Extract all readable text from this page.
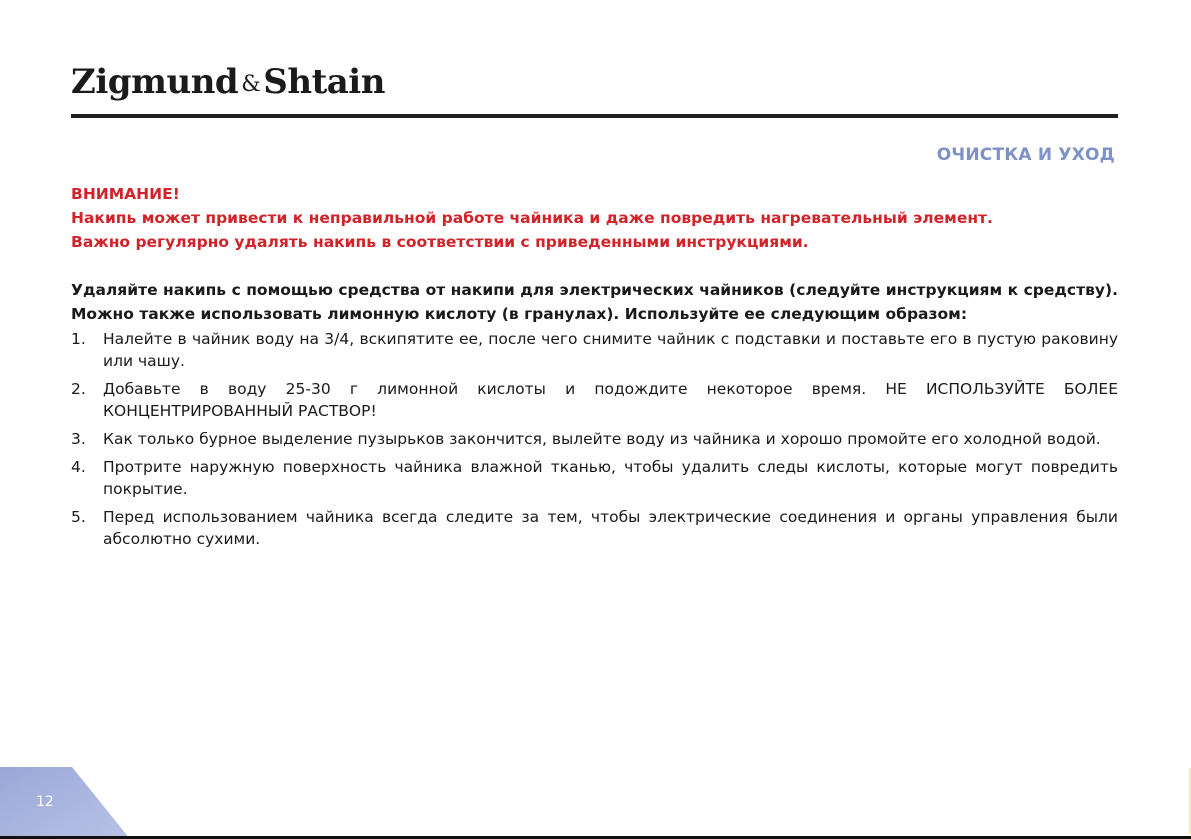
Zigmund &Shtain
ОЧИСТКА И УХОД
ВНИМАНИЕ!
Накипь может привести к неправильной работе чайника и даже повредить нагревательный элемент.
Важно регулярно удалять накипь в соответствии с приведенными инструкциями.
Удаляйте накипь с помощью средства от накипи для электрических чайников (следуйте инструкциям к средству).
Можно также использовать лимонную кислоту (в гранулах). Используйте ее следующим образом:
1. Налейте в чайник воду на 3/4, вскипятите ее, после чего снимите чайник с подставки и поставьте его в пустую раковину или чашу.
2. Добавьте в воду 25-30 г лимонной кислоты и подождите некоторое время. НЕ ИСПОЛЬЗУЙТЕ БОЛЕЕ КОНЦЕНТРИРОВАННЫЙ РАСТВОР!
3. Как только бурное выделение пузырьков закончится, вылейте воду из чайника и хорошо промойте его холодной водой.
4. Протрите наружную поверхность чайника влажной тканью, чтобы удалить следы кислоты, которые могут повредить покрытие.
5. Перед использованием чайника всегда следите за тем, чтобы электрические соединения и органы управления были абсолютно сухими.
12
